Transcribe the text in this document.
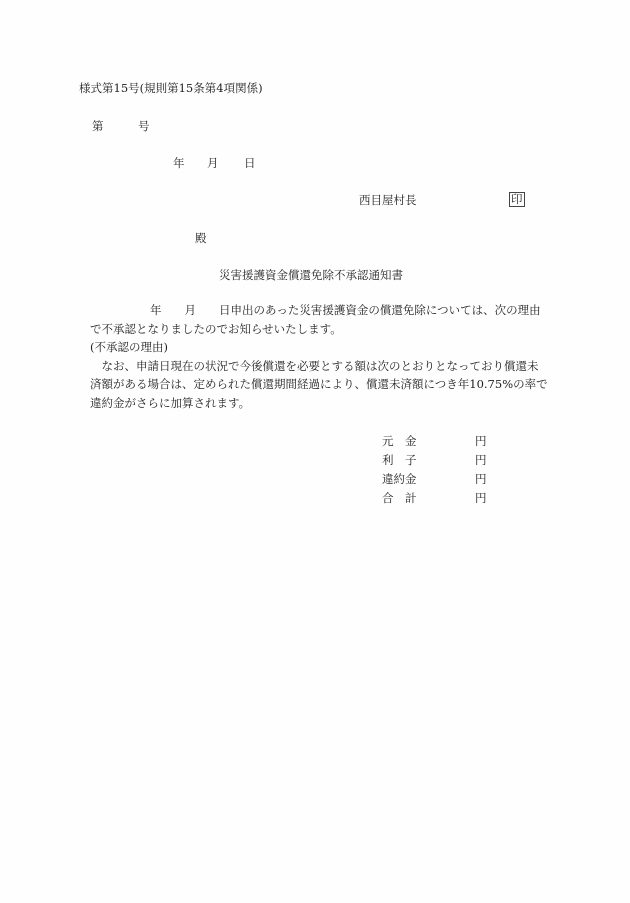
様式第15号(規則第15条第4項関係)
第	号
年 月 日
西目屋村長	印
殿
災害援護資金償還免除不承認通知書
年　　月　　日申出のあった災害援護資金の償還免除については、次の理由
で不承認となりましたのでお知らせいたします。
(不承認の理由)
　なお、申請日現在の状況で今後償還を必要とする額は次のとおりとなっており償還未
済額がある場合は、定められた償還期間経過により、償還未済額につき年10.75%の率で
違約金がさらに加算されます。
元　金	円
利　子	円
違約金	円
合　計	円
